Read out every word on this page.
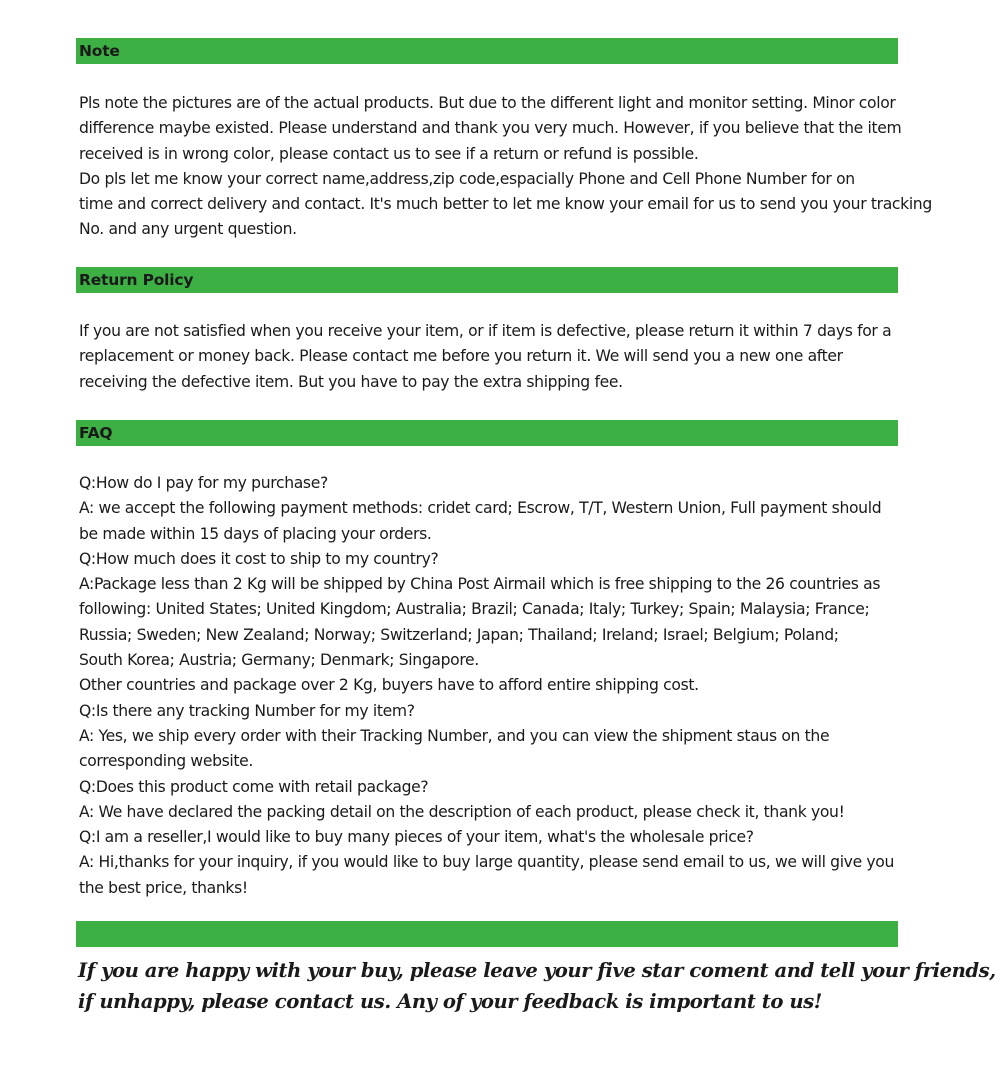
Note
Pls note the pictures are of the actual products. But due to the different light and monitor setting. Minor color
difference maybe existed. Please understand and thank you very much. However, if you believe that the item
received is in wrong color, please contact us to see if a return or refund is possible.
Do pls let me know your correct name,address,zip code,espacially Phone and Cell Phone Number for on
time and correct delivery and contact. It's much better to let me know your email for us to send you your tracking
No. and any urgent question.
Return Policy
If you are not satisfied when you receive your item, or if item is defective, please return it within 7 days for a
replacement or money back. Please contact me before you return it. We will send you a new one after
receiving the defective item. But you have to pay the extra shipping fee.
FAQ
Q:How do I pay for my purchase?
A: we accept the following payment methods: cridet card; Escrow, T/T, Western Union, Full payment should
be made within 15 days of placing your orders.
Q:How much does it cost to ship to my country?
A:Package less than 2 Kg will be shipped by China Post Airmail which is free shipping to the 26 countries as
following: United States; United Kingdom; Australia; Brazil; Canada; Italy; Turkey; Spain; Malaysia; France;
Russia; Sweden; New Zealand; Norway; Switzerland; Japan; Thailand; Ireland; Israel; Belgium; Poland;
South Korea; Austria; Germany; Denmark; Singapore.
Other countries and package over 2 Kg, buyers have to afford entire shipping cost.
Q:Is there any tracking Number for my item?
A: Yes, we ship every order with their Tracking Number, and you can view the shipment staus on the
corresponding website.
Q:Does this product come with retail package?
A: We have declared the packing detail on the description of each product, please check it, thank you!
Q:I am a reseller,I would like to buy many pieces of your item, what's the wholesale price?
A: Hi,thanks for your inquiry, if you would like to buy large quantity, please send email to us, we will give you
the best price, thanks!
If you are happy with your buy, please leave your five star coment and tell your friends,
if unhappy, please contact us. Any of your feedback is important to us!
